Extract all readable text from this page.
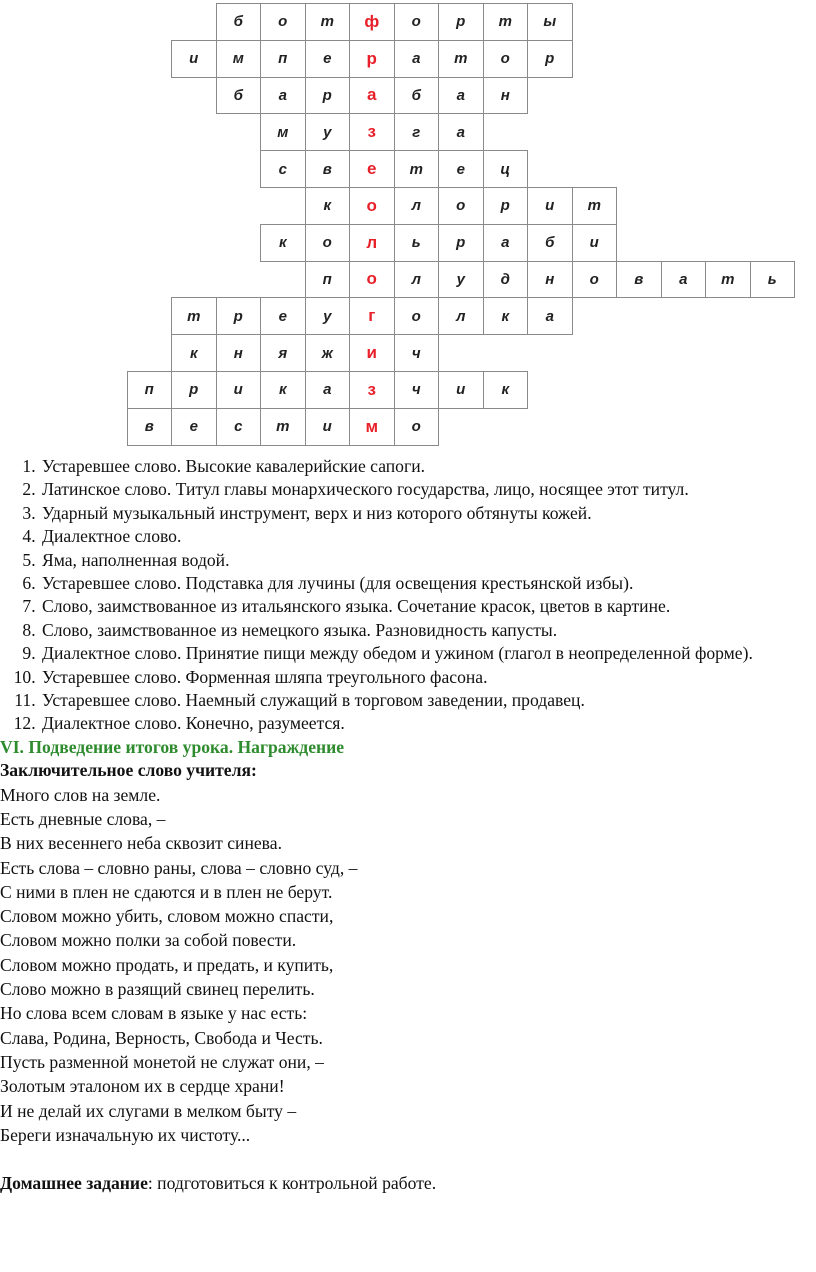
б	о	т	ф	о	р	т	ы
и	м	п	е	р	а	т	о	р
б	а	р	а	б	а	н
м	у	з	г	а
с	в	е	т	е	ц
к	о	л	о	р	и	т
к	о	л	ь	р	а	б	и
п	о	л	у	д	н	о	в	а	т	ь
т	р	е	у	г	о	л	к	а
к	н	я	ж	и	ч
п	р	и	к	а	з	ч	и	к
в	е	с	т	и	м	о
1. Устаревшее слово. Высокие кавалерийские сапоги.
2. Латинское слово. Титул главы монархического государства, лицо, носящее этот титул.
3. Ударный музыкальный инструмент, верх и низ которого обтянуты кожей.
4. Диалектное слово.
5. Яма, наполненная водой.
6. Устаревшее слово. Подставка для лучины (для освещения крестьянской избы).
7. Слово, заимствованное из итальянского языка. Сочетание красок, цветов в картине.
8. Слово, заимствованное из немецкого языка. Разновидность капусты.
9. Диалектное слово. Принятие пищи между обедом и ужином (глагол в неопределенной форме).
10. Устаревшее слово. Форменная шляпа треугольного фасона.
11. Устаревшее слово. Наемный служащий в торговом заведении, продавец.
12. Диалектное слово. Конечно, разумеется.

VI. Подведение итогов урока. Награждение

Заключительное слово учителя:

Много слов на земле.
Есть дневные слова, –
В них весеннего неба сквозит синева.
Есть слова – словно раны, слова – словно суд, –
С ними в плен не сдаются и в плен не берут.
Словом можно убить, словом можно спасти,
Словом можно полки за собой повести.
Словом можно продать, и предать, и купить,
Слово можно в разящий свинец перелить.
Но слова всем словам в языке у нас есть:
Слава, Родина, Верность, Свобода и Честь.
Пусть разменной монетой не служат они, –
Золотым эталоном их в сердце храни!
И не делай их слугами в мелком быту –
Береги изначальную их чистоту...

Домашнее задание: подготовиться к контрольной работе.
